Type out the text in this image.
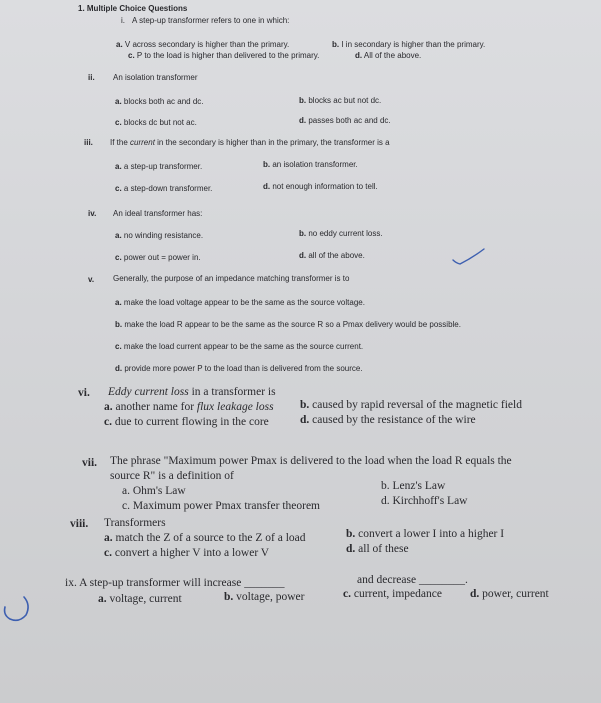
1. Multiple Choice Questions
i. A step-up transformer refers to one in which:
a. V across secondary is higher than the primary.	b. I in secondary is higher than the primary.
c. P to the load is higher than delivered to the primary.	d. All of the above.
ii. An isolation transformer
a. blocks both ac and dc.	b. blocks ac but not dc.
c. blocks dc but not ac.	d. passes both ac and dc.
iii. If the current in the secondary is higher than in the primary, the transformer is a
a. a step-up transformer.	b. an isolation transformer.
c. a step-down transformer.	d. not enough information to tell.
iv. An ideal transformer has:
a. no winding resistance.	b. no eddy current loss.
c. power out = power in.	d. all of the above.
v. Generally, the purpose of an impedance matching transformer is to
a. make the load voltage appear to be the same as the source voltage.
b. make the load R appear to be the same as the source R so a Pmax delivery would be possible.
c. make the load current appear to be the same as the source current.
d. provide more power P to the load than is delivered from the source.
vi. Eddy current loss in a transformer is
a. another name for flux leakage loss b. caused by rapid reversal of the magnetic field
c. due to current flowing in the core	d. caused by the resistance of the wire
vii. The phrase "Maximum power Pmax is delivered to the load when the load R equals the
source R" is a definition of
a. Ohm's Law	b. Lenz's Law
c. Maximum power Pmax transfer theorem	d. Kirchhoff's Law
viii. Transformers
a. match the Z of a source to the Z of a load	b. convert a lower I into a higher I
c. convert a higher V into a lower V	d. all of these
ix. A step-up transformer will increase _______	and decrease ________.
a. voltage, current	b. voltage, power	c. current, impedance d. power, current
